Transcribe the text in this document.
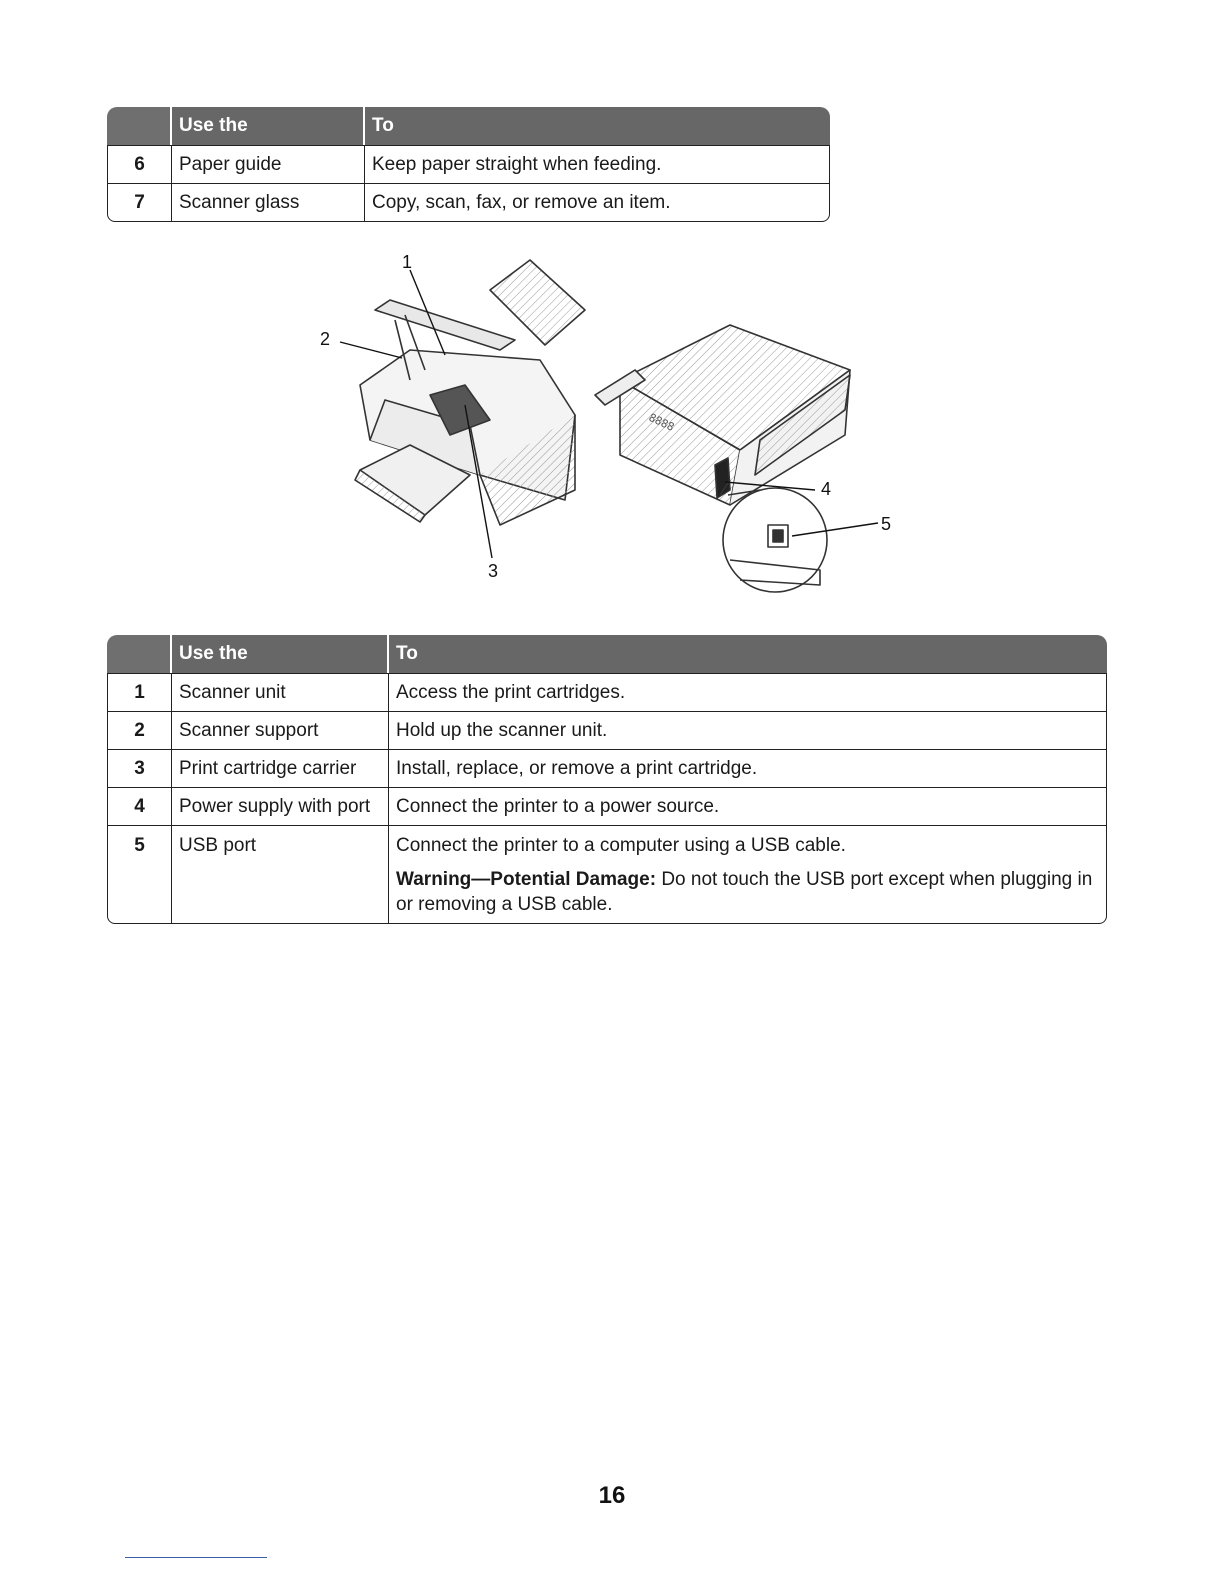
	Use the	To
6	Paper guide	Keep paper straight when feeding.
7	Scanner glass	Copy, scan, fax, or remove an item.
8888
1
2
3
4
5
	Use the	To
1	Scanner unit	Access the print cartridges.
2	Scanner support	Hold up the scanner unit.
3	Print cartridge carrier	Install, replace, or remove a print cartridge.
4	Power supply with port	Connect the printer to a power source.
5	USB port	Connect the printer to a computer using a USB cable.
Warning—Potential Damage: Do not touch the USB port except when plugging in or removing a USB cable.
16
